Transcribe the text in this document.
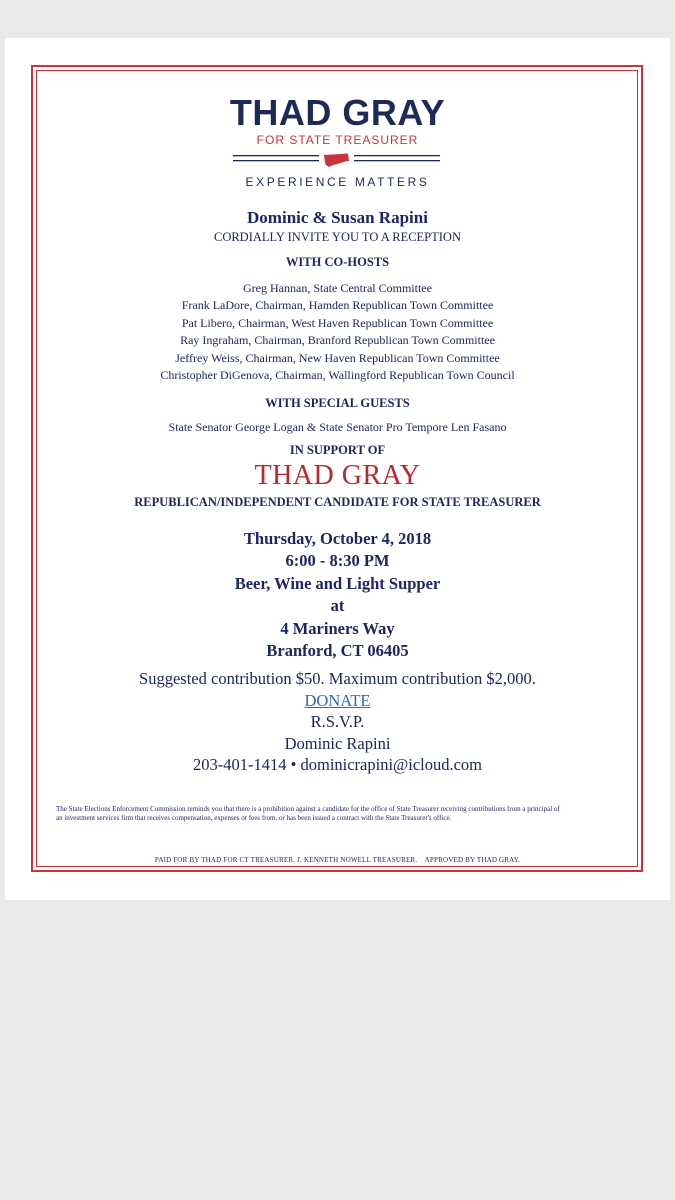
THAD GRAY
FOR STATE TREASURER
EXPERIENCE MATTERS
Dominic & Susan Rapini
CORDIALLY INVITE YOU TO A RECEPTION
WITH CO-HOSTS
Greg Hannan, State Central Committee
Frank LaDore, Chairman, Hamden Republican Town Committee
Pat Libero, Chairman, West Haven Republican Town Committee
Ray Ingraham, Chairman, Branford Republican Town Committee
Jeffrey Weiss, Chairman, New Haven Republican Town Committee
Christopher DiGenova, Chairman, Wallingford Republican Town Council
WITH SPECIAL GUESTS
State Senator George Logan & State Senator Pro Tempore Len Fasano
IN SUPPORT OF
THAD GRAY
REPUBLICAN/INDEPENDENT CANDIDATE FOR STATE TREASURER
Thursday, October 4, 2018
6:00 - 8:30 PM
Beer, Wine and Light Supper
at
4 Mariners Way
Branford, CT 06405
Suggested contribution $50. Maximum contribution $2,000.
DONATE
R.S.V.P.
Dominic Rapini
203-401-1414 • dominicrapini@icloud.com
The State Elections Enforcement Commission reminds you that there is a prohibition against a candidate for the office of State Treasurer receiving contributions from a principal of an investment services firm that receives compensation, expenses or fees from, or has been issued a contract with the State Treasurer's office.
PAID FOR BY THAD FOR CT TREASURER. J. KENNETH NOWELL TREASURER.    APPROVED BY THAD GRAY.
